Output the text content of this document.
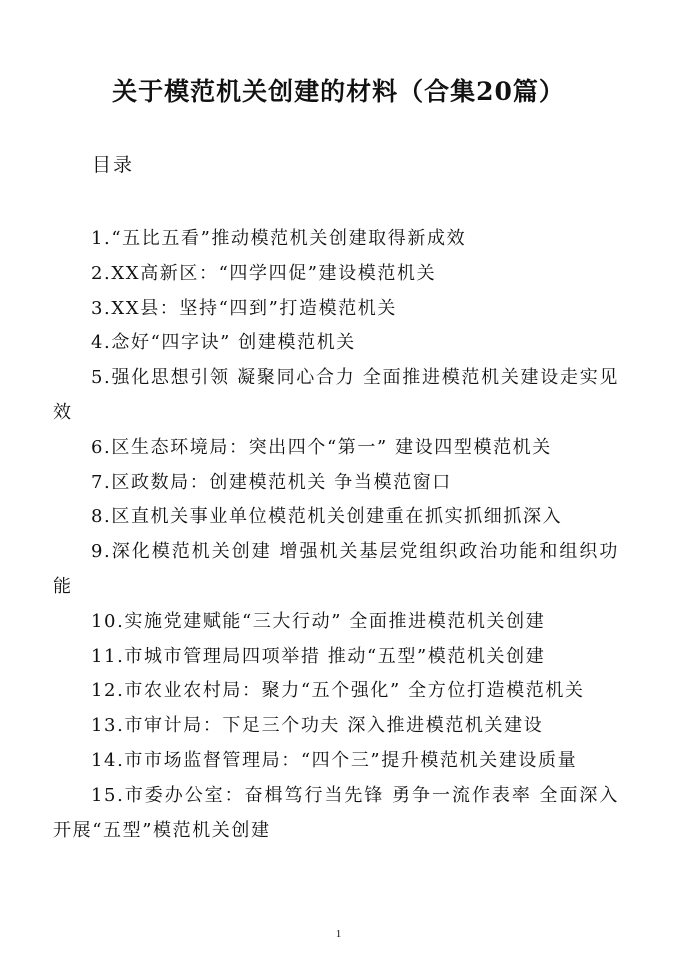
关于模范机关创建的材料（合集20篇）
目录
1.“五比五看”推动模范机关创建取得新成效
2.XX高新区：“四学四促”建设模范机关
3.XX县：坚持“四到”打造模范机关
4.念好“四字诀” 创建模范机关
5.强化思想引领 凝聚同心合力 全面推进模范机关建设走实见效
6.区生态环境局：突出四个“第一” 建设四型模范机关
7.区政数局：创建模范机关 争当模范窗口
8.区直机关事业单位模范机关创建重在抓实抓细抓深入
9.深化模范机关创建 增强机关基层党组织政治功能和组织功能
10.实施党建赋能“三大行动” 全面推进模范机关创建
11.市城市管理局四项举措 推动“五型”模范机关创建
12.市农业农村局：聚力“五个强化” 全方位打造模范机关
13.市审计局：下足三个功夫 深入推进模范机关建设
14.市市场监督管理局：“四个三”提升模范机关建设质量
15.市委办公室：奋楫笃行当先锋 勇争一流作表率 全面深入开展“五型”模范机关创建
1
